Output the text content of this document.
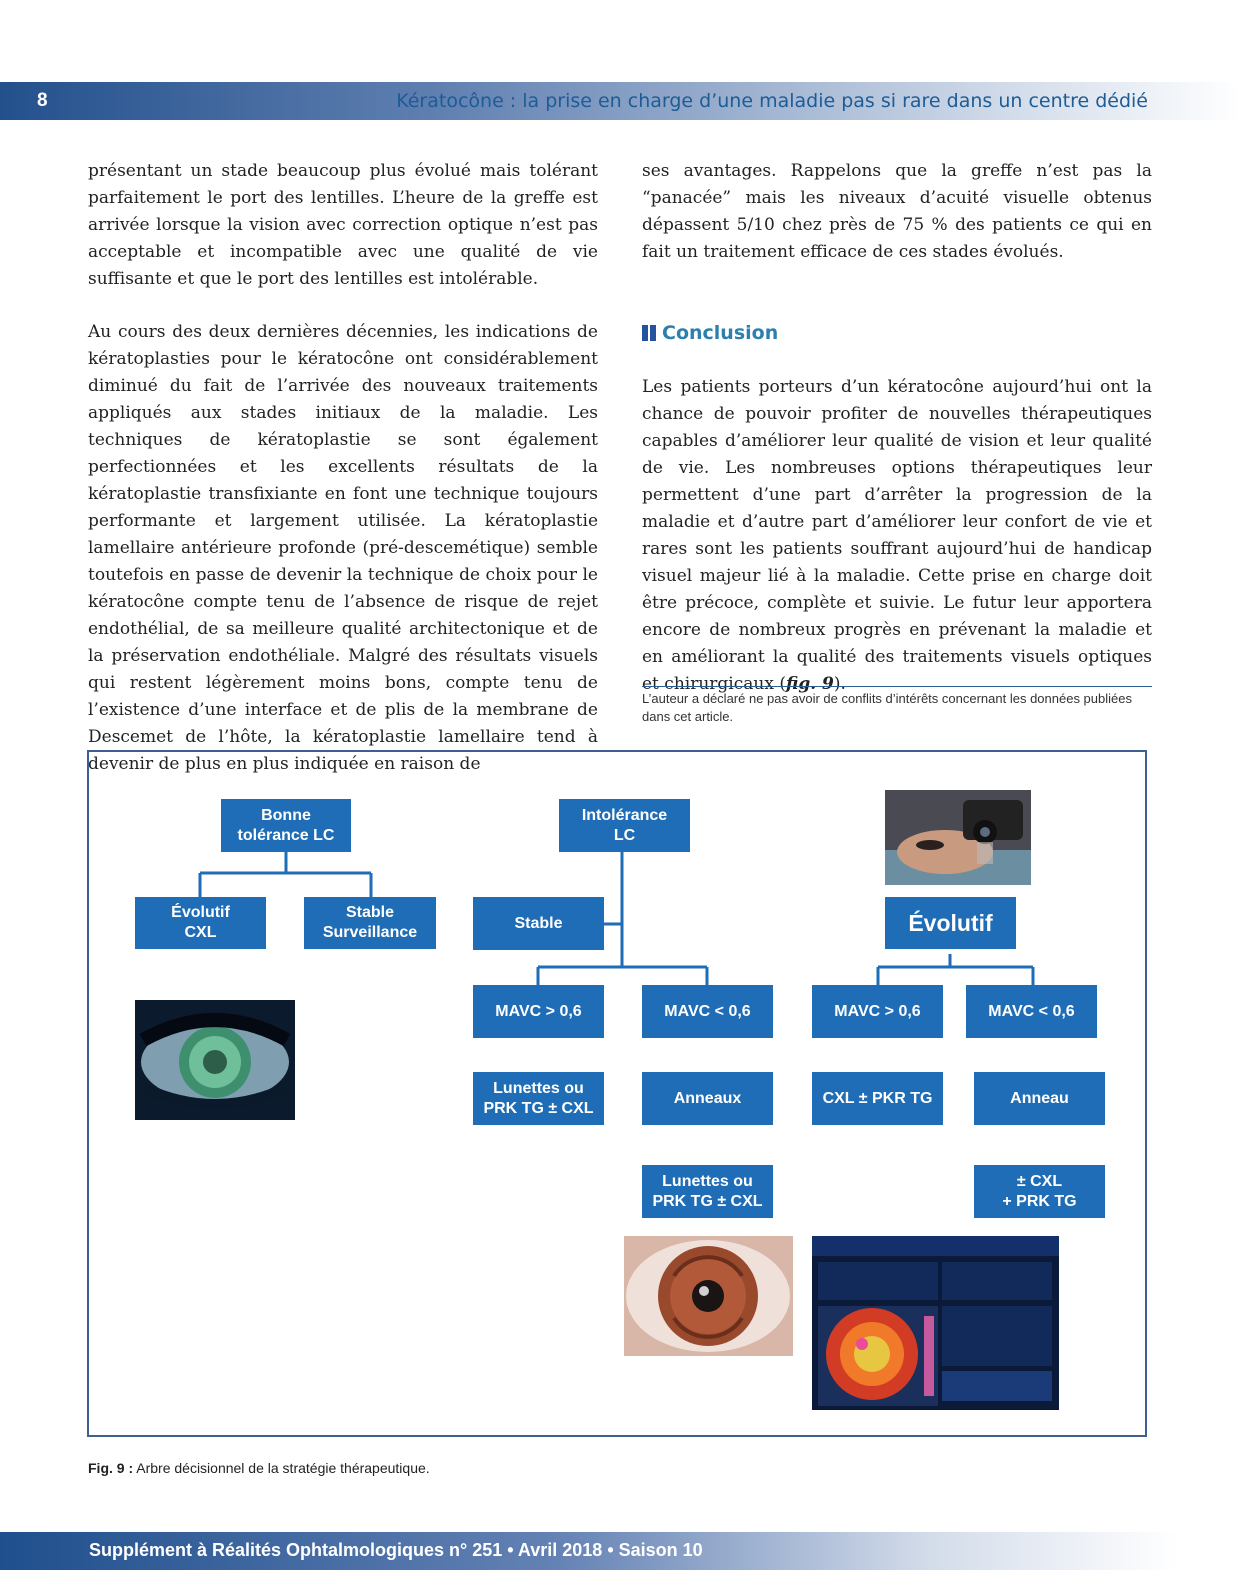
8	Kératocône : la prise en charge d’une maladie pas si rare dans un centre dédié

présentant un stade beaucoup plus évolué mais tolérant parfaitement le port des lentilles. L’heure de la greffe est arrivée lorsque la vision avec correction optique n’est pas acceptable et incompatible avec une qualité de vie suffisante et que le port des lentilles est intolérable.

Au cours des deux dernières décennies, les indications de kératoplasties pour le kératocône ont considérablement diminué du fait de l’arrivée des nouveaux traitements appliqués aux stades initiaux de la maladie. Les techniques de kératoplastie se sont également perfectionnées et les excellents résultats de la kératoplastie transfixiante en font une technique toujours performante et largement utilisée. La kératoplastie lamellaire antérieure profonde (pré-descemétique) semble toutefois en passe de devenir la technique de choix pour le kératocône compte tenu de l’absence de risque de rejet endothélial, de sa meilleure qualité architectonique et de la préservation endothéliale. Malgré des résultats visuels qui restent légèrement moins bons, compte tenu de l’existence d’une interface et de plis de la membrane de Descemet de l’hôte, la kératoplastie lamellaire tend à devenir de plus en plus indiquée en raison de

ses avantages. Rappelons que la greffe n’est pas la “panacée” mais les niveaux d’acuité visuelle obtenus dépassent 5/10 chez près de 75 % des patients ce qui en fait un traitement efficace de ces stades évolués.

Conclusion

Les patients porteurs d’un kératocône aujourd’hui ont la chance de pouvoir profiter de nouvelles thérapeutiques capables d’améliorer leur qualité de vision et leur qualité de vie. Les nombreuses options thérapeutiques leur permettent d’une part d’arrêter la progression de la maladie et d’autre part d’améliorer leur confort de vie et rares sont les patients souffrant aujourd’hui de handicap visuel majeur lié à la maladie. Cette prise en charge doit être précoce, complète et suivie. Le futur leur apportera encore de nombreux progrès en prévenant la maladie et en améliorant la qualité des traitements visuels optiques et chirurgicaux (fig. 9).

L’auteur a déclaré ne pas avoir de conflits d’intérêts concernant les données publiées dans cet article.
Bonne
tolérance LC
Évolutif
CXL
Stable
Surveillance
Intolérance
LC
Stable	Évolutif
MAVC > 0,6	MAVC < 0,6	MAVC > 0,6	MAVC < 0,6
Lunettes ou
PRK TG ± CXL
Anneaux	CXL ± PKR TG	Anneau
Lunettes ou
PRK TG ± CXL
± CXL
+ PRK TG
Fig. 9 : Arbre décisionnel de la stratégie thérapeutique.
Supplément à Réalités Ophtalmologiques n° 251 • Avril 2018 • Saison 10
